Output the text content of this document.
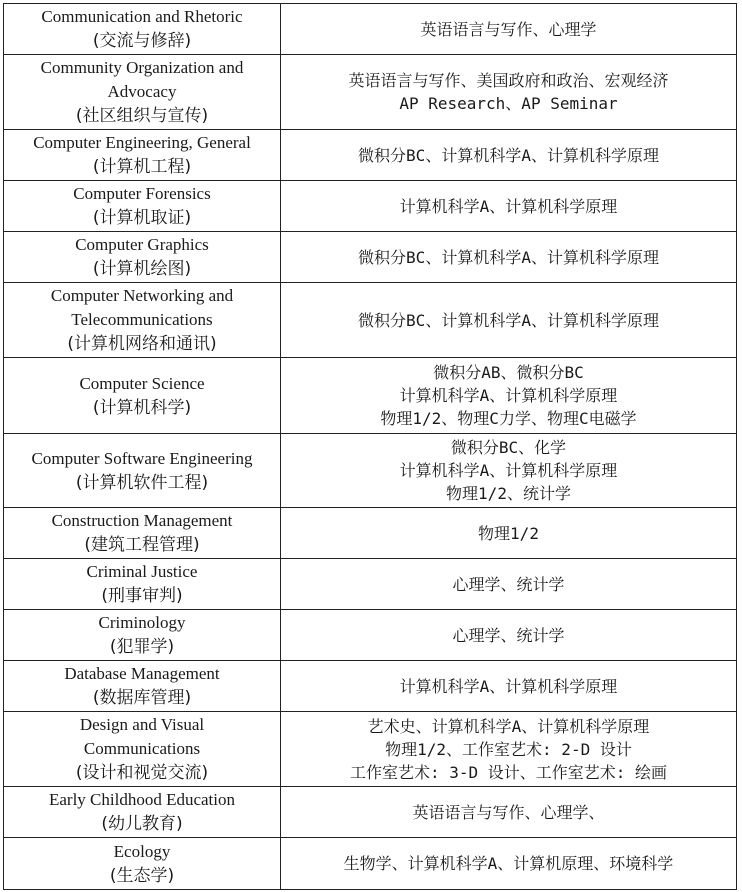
Communication and Rhetoric
(交流与修辞)	英语语言与写作、心理学

Community Organization and
Advocacy
(社区组织与宣传)	英语语言与写作、美国政府和政治、宏观经济
AP Research、AP Seminar

Computer Engineering, General
(计算机工程)	微积分BC、计算机科学A、计算机科学原理

Computer Forensics
(计算机取证)	计算机科学A、计算机科学原理

Computer Graphics
(计算机绘图)	微积分BC、计算机科学A、计算机科学原理

Computer Networking and
Telecommunications
(计算机网络和通讯)	微积分BC、计算机科学A、计算机科学原理

Computer Science
(计算机科学)	微积分AB、微积分BC
计算机科学A、计算机科学原理
物理1/2、物理C力学、物理C电磁学

Computer Software Engineering
(计算机软件工程)	微积分BC、化学
计算机科学A、计算机科学原理
物理1/2、统计学

Construction Management
(建筑工程管理)	物理1/2

Criminal Justice
(刑事审判)	心理学、统计学

Criminology
(犯罪学)	心理学、统计学

Database Management
(数据库管理)	计算机科学A、计算机科学原理

Design and Visual
Communications
(设计和视觉交流)	艺术史、计算机科学A、计算机科学原理
物理1/2、工作室艺术: 2-D 设计
工作室艺术: 3-D 设计、工作室艺术: 绘画

Early Childhood Education
(幼儿教育)	英语语言与写作、心理学、

Ecology
(生态学)	生物学、计算机科学A、计算机原理、环境科学
